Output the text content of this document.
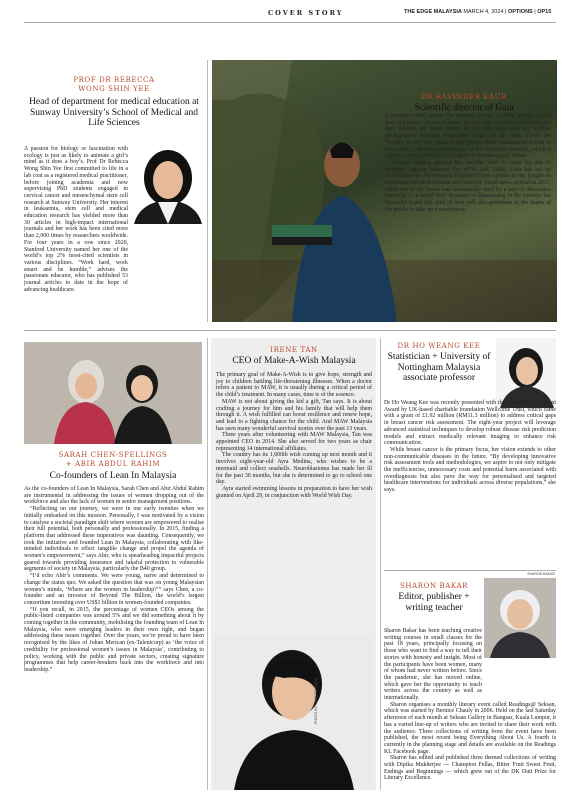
COVER STORY	THE EDGE MALAYSIA MARCH 4, 2024 | OPTIONS | OP15
PROF DR REBECCA WONG SHIN YEE
Head of department for medical education at Sunway University’s School of Medical and Life Sciences

A passion for biology or fascination with ecology is just as likely to animate a girl’s mind as it does a boy’s. Prof Dr Rebecca Wong Shin Yee first committed to life in a lab coat as a registered medical practitioner, before joining academia and now supervising PhD students engaged in cervical cancer and mesenchymal stem cell research at Sunway University. Her interest in leukaemia, stem cell and medical education research has yielded more than 30 articles in high-impact international journals and her work has been cited more than 2,000 times by researchers worldwide. For four years in a row since 2020, Stanford University named her one of the world’s top 2% most-cited scientists in various disciplines. “Work hard, work smart and be humble,” advises the passionate educator, who has published 53 journal articles to date in the hope of advancing healthcare.

DR RAVINDER KAUR
Scientific director of Gaia

If pictures could capture the uncanny beauty of birds and the places they call home, we would know by now that our prized hornbills and their habitats are under threat. Dr Ravinder Kaur and her wildlife photographer husband Sanjitpaul Singh set up Gaia, Greek for “Earth”, in 2015 to research and protect these endangered avians in the country. The last surviving pair of the Helmeted Hornbill, which is almost extinct, reside in the jungles of Kinabatangan, Sabah.

Because nesting ground has become hard to come by due to systemic logging between the 1970s and 1980s, Gaia has set up artificial boxes and restored dilapidated tree cavities in our jungles to encourage the birds to mate and multiply. Good news arrived in 2017, when one of the boxes was successfully used by a pair of rhinoceros hornbills — a world first. Romance is blossoming in the treetops but Ravinder hopes this seed of love will also germinate in the hearts of the public to take up conservation.

SARAH CHEN-SPELLINGS + ABIR ABDUL RAHIM
Co-founders of Lean In Malaysia

As the co-founders of Lean In Malaysia, Sarah Chen and Abir Abdul Rahim are instrumental in addressing the issues of women dropping out of the workforce and also the lack of women in senior management positions.

“Reflecting on our journey, we were in our early twenties when we initially embarked on this mission. Personally, I was motivated by a vision to catalyse a societal paradigm shift where women are empowered to realise their full potential, both personally and professionally. In 2015, finding a platform that addressed these imperatives was daunting. Consequently, we took the initiative and founded Lean In Malaysia, collaborating with like-minded individuals to effect tangible change and propel the agenda of women’s empowerment,” says Abir, who is spearheading impactful projects geared towards providing insurance and takaful protection to vulnerable segments of society in Malaysia, particularly the B40 group.

“I’d echo Abir’s comments. We were young, naive and determined to change the status quo. We asked the question that was on young Malaysian women’s minds, ‘Where are the women in leadership?’” says Chen, a co-founder and an investor of Beyond The Billion, the world’s largest consortium investing over US$1 billion in women-founded companies.

“If you recall, in 2015, the percentage of women CEOs among the public-listed companies was around 5% and we did something about it by coming together in the community, mobilising the founding team of Lean In Malaysia, who were emerging leaders in their own right, and began addressing these issues together. Over the years, we’re proud to have been recognised by the likes of Johan Merican (ex-Talentcorp) as ‘the voice of credibility for professional women’s issues in Malaysia’, contributing to policy, working with the public and private sectors, creating signature programmes that help career-breakers back into the workforce and into leadership.”

IRENE TAN
CEO of Make-A-Wish Malaysia

The primary goal of Make-A-Wish is to give hope, strength and joy to children battling life-threatening illnesses. When a doctor refers a patient to MAW, it is usually during a critical period of the child’s treatment. In many cases, time is of the essence.

MAW is not about giving the kid a gift, Tan says. It is about crafting a journey for him and his family that will help them through it. A wish fulfilled can boost resilience and renew hope, and lead to a fighting chance for the child. And MAW Malaysia has seen many wonderful survival stories over the past 13 years.

Three years after volunteering with MAW Malaysia, Tan was appointed CEO in 2014. She also served for two years as chair representing 14 international affiliates.

The country has its 1,000th wish coming up next month and it involves eight-year-old Ayra Medina, who wishes to be a mermaid and collect seashells. Neuroblastoma has made her ill for the past 30 months, but she is determined to go to school one day.

Ayra started swimming lessons in preparation to have her wish granted on April 29, in conjunction with World Wish Day.

PHOTO BY MAKE TAHSEEN
DR HO WEANG KEE
Statistician + University of Nottingham Malaysia associate professor

Dr Ho Weang Kee was recently presented with the Career Development Award by UK-based charitable foundation Wellcome Trust, which came with a grant of £1.92 million (RM11.3 million) to address critical gaps in breast cancer risk assessment. The eight-year project will leverage advanced statistical techniques to develop robust disease risk prediction models and extract medically relevant imaging to enhance risk communication.

While breast cancer is the primary focus, her vision extends to other non-communicable diseases in the future. “By developing innovative risk assessment tools and methodologies, we aspire to not only mitigate the inefficiencies, unnecessary costs and potential harm associated with overdiagnosis but also pave the way for personalised and targeted healthcare interventions for individuals across diverse populations,” she says.

SHARON BAKAR
Editor, publisher + writing teacher
SHARON BAKAR

Sharon Bakar has been teaching creative writing courses in small classes for the past 18 years, principally focusing on those who want to find a way to tell their stories with honesty and insight. Most of the participants have been women, many of whom had never written before. Since the pandemic, she has moved online, which gave her the opportunity to teach writers across the country as well as internationally.

Sharon organises a monthly literary event called Readings@ Seksan, which was started by Bernice Chauly in 2006. Held on the last Saturday afternoon of each month at Seksan Gallery in Bangsar, Kuala Lumpur, it has a varied line-up of writers who are invited to share their work with the audience. Three collections of writing from the event have been published, the most recent being Everything About Us. A fourth is currently in the planning stage and details are available on the Readings KL Facebook page.

Sharon has edited and published three themed collections of writing with Dipika Mukherjee — Champion Fellas, Bitter Fruit Sweet Fruit, Endings and Beginnings — which grew out of the DK Dutt Prize for Literary Excellence.
